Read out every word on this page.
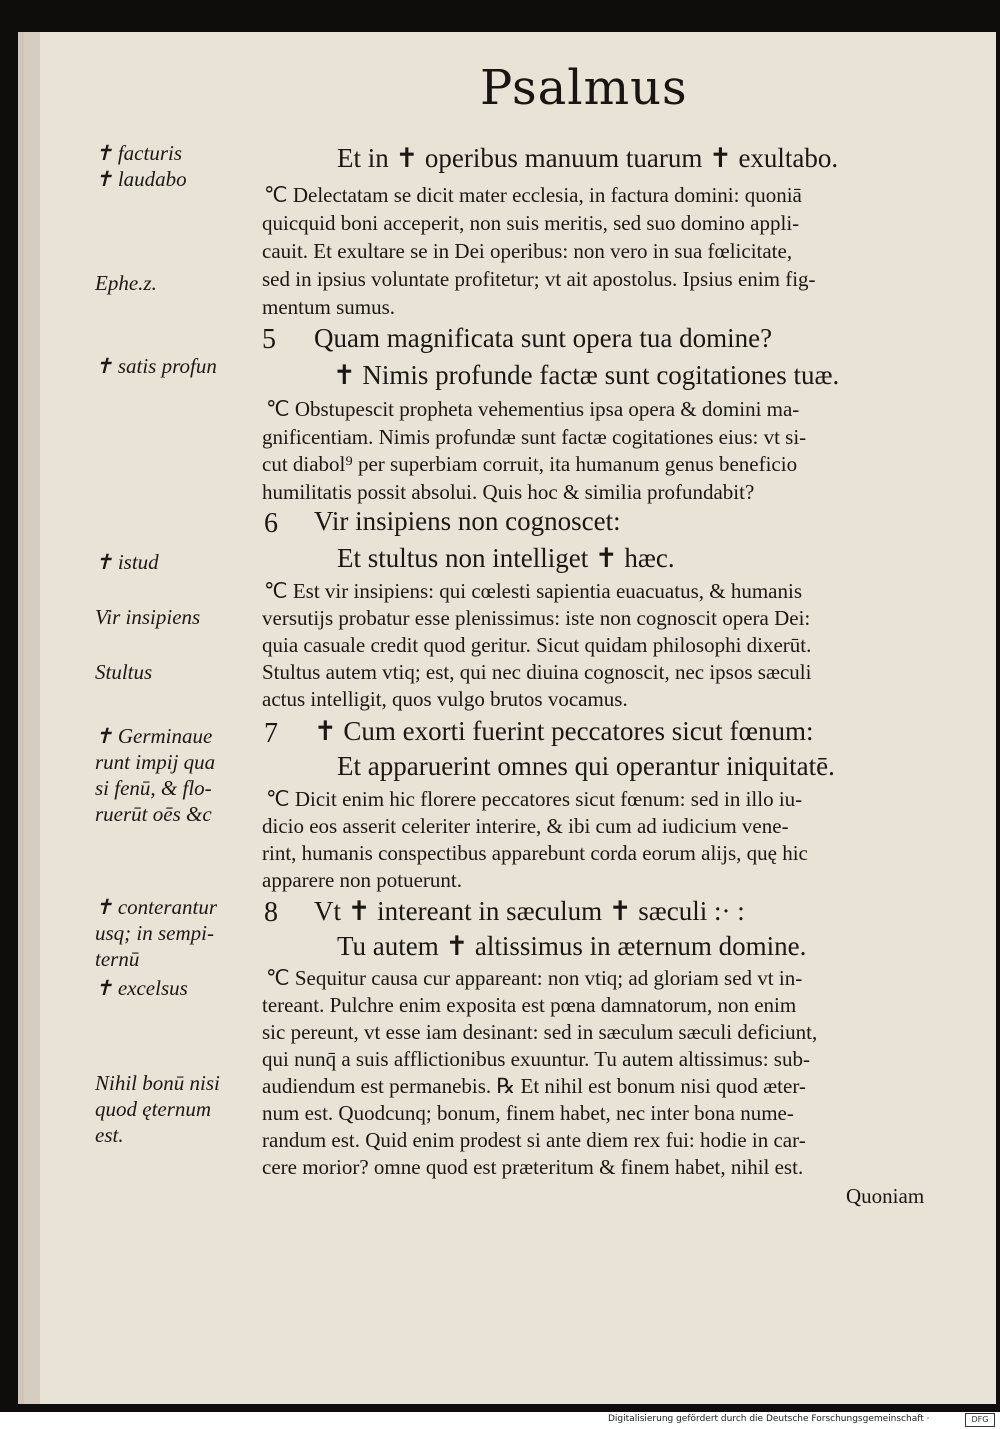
Psalmus
✝ facturis
✝ laudabo
Ephe.z.
✝ satis profun
✝ istud
Vir insipiens
Stultus
✝ Germinaue
runt impij qua
si fenū, & flo-
ruerūt oēs &c
✝ conterantur
usq; in sempi-
ternū
✝ excelsus
Nihil bonū nisi
quod ęternum
est.
5
6
7
8
Et in ✝ operibus manuum tuarum ✝ exultabo.
℃ Delectatam se dicit mater ecclesia, in factura domini: quoniā
quicquid boni acceperit, non suis meritis, sed suo domino appli-
cauit. Et exultare se in Dei operibus: non vero in sua fœlicitate,
sed in ipsius voluntate profitetur; vt ait apostolus. Ipsius enim fig-
mentum sumus.
Quam magnificata sunt opera tua domine?
✝ Nimis profunde factæ sunt cogitationes tuæ.
℃ Obstupescit propheta vehementius ipsa opera & domini ma-
gnificentiam. Nimis profundæ sunt factæ cogitationes eius: vt si-
cut diabol⁹ per superbiam corruit, ita humanum genus beneficio
humilitatis possit absolui. Quis hoc & similia profundabit?
Vir insipiens non cognoscet:
Et stultus non intelliget ✝ hæc.
℃ Est vir insipiens: qui cœlesti sapientia euacuatus, & humanis
versutijs probatur esse plenissimus: iste non cognoscit opera Dei:
quia casuale credit quod geritur. Sicut quidam philosophi dixerūt.
Stultus autem vtiq; est, qui nec diuina cognoscit, nec ipsos sæculi
actus intelligit, quos vulgo brutos vocamus.
✝ Cum exorti fuerint peccatores sicut fœnum:
Et apparuerint omnes qui operantur iniquitatē.
℃ Dicit enim hic florere peccatores sicut fœnum: sed in illo iu-
dicio eos asserit celeriter interire, & ibi cum ad iudicium vene-
rint, humanis conspectibus apparebunt corda eorum alijs, quę hic
apparere non potuerunt.
Vt ✝ intereant in sæculum ✝ sæculi :· :
Tu autem ✝ altissimus in æternum domine.
℃ Sequitur causa cur appareant: non vtiq; ad gloriam sed vt in-
tereant. Pulchre enim exposita est pœna damnatorum, non enim
sic pereunt, vt esse iam desinant: sed in sæculum sæculi deficiunt,
qui nunq̄ a suis afflictionibus exuuntur. Tu autem altissimus: sub-
audiendum est permanebis. ℞ Et nihil est bonum nisi quod æter-
num est. Quodcunq; bonum, finem habet, nec inter bona nume-
randum est. Quid enim prodest si ante diem rex fui: hodie in car-
cere morior? omne quod est præteritum & finem habet, nihil est.
Quoniam
Digitalisierung gefördert durch die Deutsche Forschungsgemeinschaft ·	DFG
